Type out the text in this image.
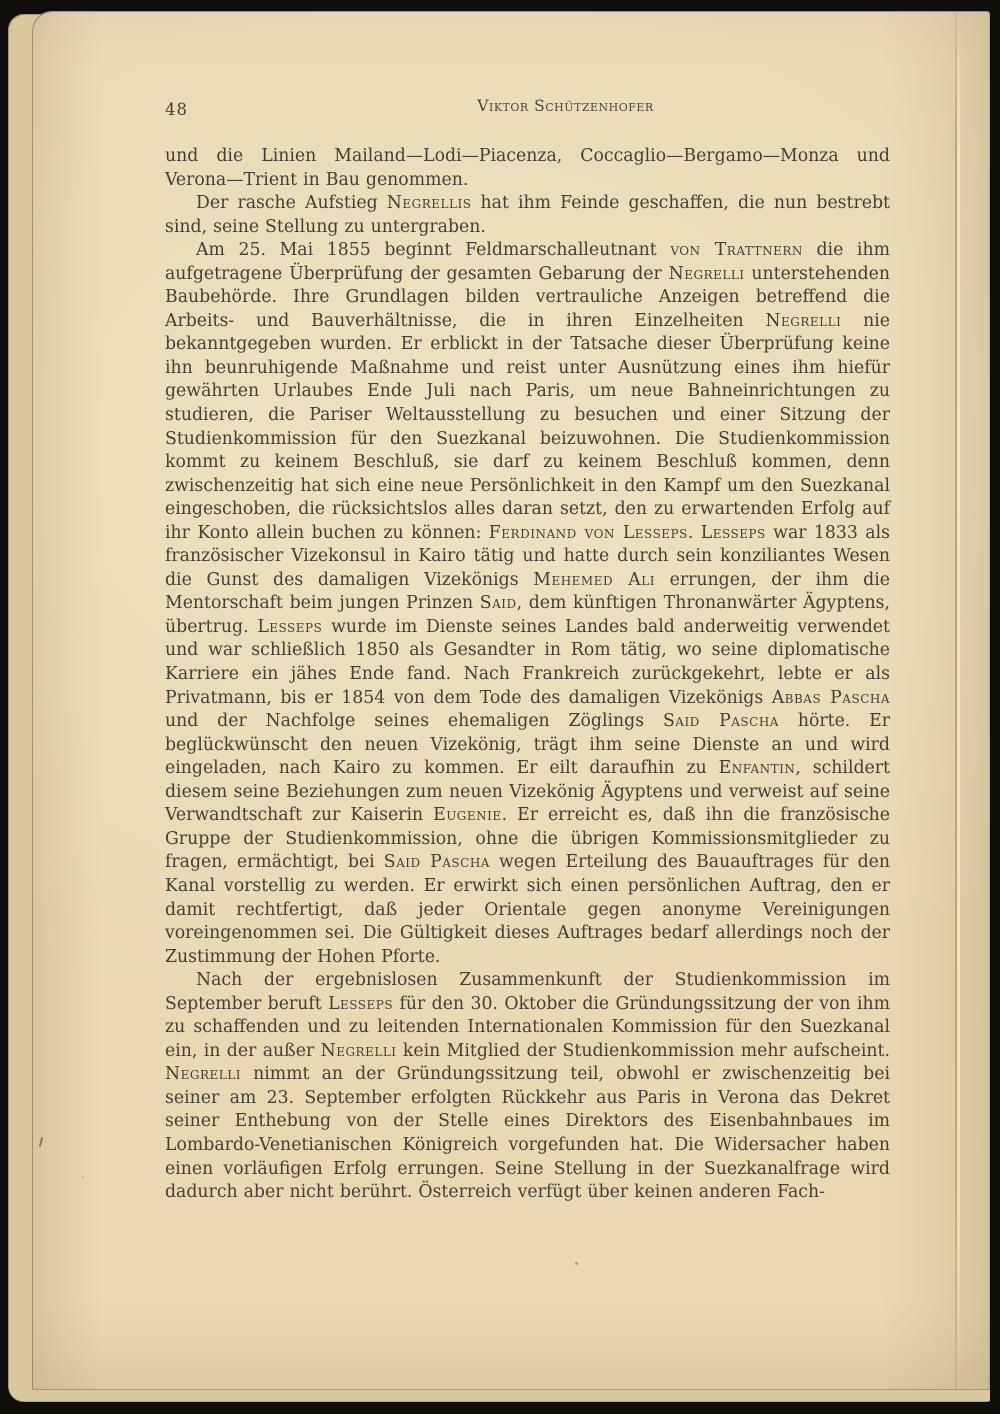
48	Viktor Schützenhofer

und die Linien Mailand—Lodi—Piacenza, Coccaglio—Bergamo—Monza und Verona—Trient in Bau genommen.

Der rasche Aufstieg Negrellis hat ihm Feinde geschaffen, die nun bestrebt sind, seine Stellung zu untergraben.

Am 25. Mai 1855 beginnt Feldmarschalleutnant von Trattnern die ihm aufgetragene Überprüfung der gesamten Gebarung der Negrelli unterstehenden Baubehörde. Ihre Grundlagen bilden vertrauliche Anzeigen betreffend die Arbeits- und Bauverhältnisse, die in ihren Einzelheiten Negrelli nie bekanntgegeben wurden. Er erblickt in der Tatsache dieser Überprüfung keine ihn beunruhigende Maßnahme und reist unter Ausnützung eines ihm hiefür gewährten Urlaubes Ende Juli nach Paris, um neue Bahneinrichtungen zu studieren, die Pariser Weltausstellung zu besuchen und einer Sitzung der Studienkommission für den Suezkanal beizuwohnen. Die Studienkommission kommt zu keinem Beschluß, sie darf zu keinem Beschluß kommen, denn zwischenzeitig hat sich eine neue Persönlichkeit in den Kampf um den Suezkanal eingeschoben, die rücksichtslos alles daran setzt, den zu erwartenden Erfolg auf ihr Konto allein buchen zu können: Ferdinand von Lesseps. Lesseps war 1833 als französischer Vizekonsul in Kairo tätig und hatte durch sein konziliantes Wesen die Gunst des damaligen Vizekönigs Mehemed Ali errungen, der ihm die Mentorschaft beim jungen Prinzen Said, dem künftigen Thronanwärter Ägyptens, übertrug. Lesseps wurde im Dienste seines Landes bald anderweitig verwendet und war schließlich 1850 als Gesandter in Rom tätig, wo seine diplomatische Karriere ein jähes Ende fand. Nach Frankreich zurückgekehrt, lebte er als Privatmann, bis er 1854 von dem Tode des damaligen Vizekönigs Abbas Pascha und der Nachfolge seines ehemaligen Zöglings Said Pascha hörte. Er beglückwünscht den neuen Vizekönig, trägt ihm seine Dienste an und wird eingeladen, nach Kairo zu kommen. Er eilt daraufhin zu Enfantin, schildert diesem seine Beziehungen zum neuen Vizekönig Ägyptens und verweist auf seine Verwandtschaft zur Kaiserin Eugenie. Er erreicht es, daß ihn die französische Gruppe der Studienkommission, ohne die übrigen Kommissionsmitglieder zu fragen, ermächtigt, bei Said Pascha wegen Erteilung des Bauauftrages für den Kanal vorstellig zu werden. Er erwirkt sich einen persönlichen Auftrag, den er damit rechtfertigt, daß jeder Orientale gegen anonyme Vereinigungen voreingenommen sei. Die Gültigkeit dieses Auftrages bedarf allerdings noch der Zustimmung der Hohen Pforte.

Nach der ergebnislosen Zusammenkunft der Studienkommission im September beruft Lesseps für den 30. Oktober die Gründungssitzung der von ihm zu schaffenden und zu leitenden Internationalen Kommission für den Suezkanal ein, in der außer Negrelli kein Mitglied der Studienkommission mehr aufscheint. Negrelli nimmt an der Gründungssitzung teil, obwohl er zwischenzeitig bei seiner am 23. September erfolgten Rückkehr aus Paris in Verona das Dekret seiner Enthebung von der Stelle eines Direktors des Eisenbahnbaues im Lombardo-Venetianischen Königreich vorgefunden hat. Die Widersacher haben einen vorläufigen Erfolg errungen. Seine Stellung in der Suezkanalfrage wird dadurch aber nicht berührt. Österreich verfügt über keinen anderen Fach-
